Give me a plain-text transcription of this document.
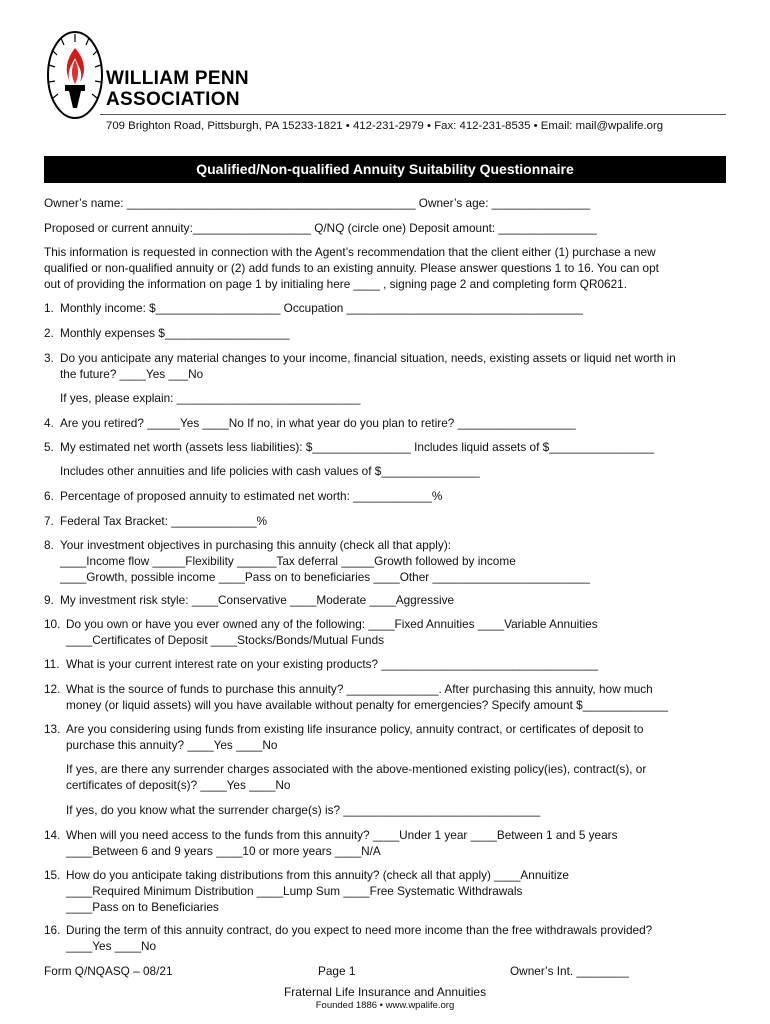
WILLIAM PENN
ASSOCIATION
709 Brighton Road, Pittsburgh, PA 15233-1821 • 412-231-2979 • Fax: 412-231-8535 • Email: mail@wpalife.org
Qualified/Non-qualified Annuity Suitability Questionnaire
Owner’s name: ____________________________________________ Owner’s age: _______________
Proposed or current annuity:__________________ Q/NQ (circle one) Deposit amount: _______________
This information is requested in connection with the Agent’s recommendation that the client either (1) purchase a new
qualified or non-qualified annuity or (2) add funds to an existing annuity. Please answer questions 1 to 16. You can opt
out of providing the information on page 1 by initialing here ____ , signing page 2 and completing form QR0621.
1. Monthly income: $___________________ Occupation ____________________________________
2. Monthly expenses $___________________
3. Do you anticipate any material changes to your income, financial situation, needs, existing assets or liquid net worth in
the future? ____Yes ___No
If yes, please explain: ____________________________
4. Are you retired? _____Yes ____No If no, in what year do you plan to retire? __________________
5. My estimated net worth (assets less liabilities): $_______________ Includes liquid assets of $________________
Includes other annuities and life policies with cash values of $_______________
6. Percentage of proposed annuity to estimated net worth: ____________%
7. Federal Tax Bracket: _____________%
8. Your investment objectives in purchasing this annuity (check all that apply):
____Income flow _____Flexibility ______Tax deferral _____Growth followed by income
____Growth, possible income ____Pass on to beneficiaries ____Other ________________________
9. My investment risk style: ____Conservative ____Moderate ____Aggressive
10. Do you own or have you ever owned any of the following: ____Fixed Annuities ____Variable Annuities
____Certificates of Deposit ____Stocks/Bonds/Mutual Funds
11. What is your current interest rate on your existing products? _________________________________
12. What is the source of funds to purchase this annuity? ______________. After purchasing this annuity, how much
money (or liquid assets) will you have available without penalty for emergencies? Specify amount $_____________
13. Are you considering using funds from existing life insurance policy, annuity contract, or certificates of deposit to
purchase this annuity? ____Yes ____No
If yes, are there any surrender charges associated with the above-mentioned existing policy(ies), contract(s), or
certificates of deposit(s)? ____Yes ____No
If yes, do you know what the surrender charge(s) is? ______________________________
14. When will you need access to the funds from this annuity? ____Under 1 year ____Between 1 and 5 years
____Between 6 and 9 years ____10 or more years ____N/A
15. How do you anticipate taking distributions from this annuity? (check all that apply) ____Annuitize
____Required Minimum Distribution ____Lump Sum ____Free Systematic Withdrawals
____Pass on to Beneficiaries
16. During the term of this annuity contract, do you expect to need more income than the free withdrawals provided?
____Yes ____No
Form Q/NQASQ – 08/21	Page 1	Owner’s Int. ________
Fraternal Life Insurance and Annuities
Founded 1886 • www.wpalife.org
